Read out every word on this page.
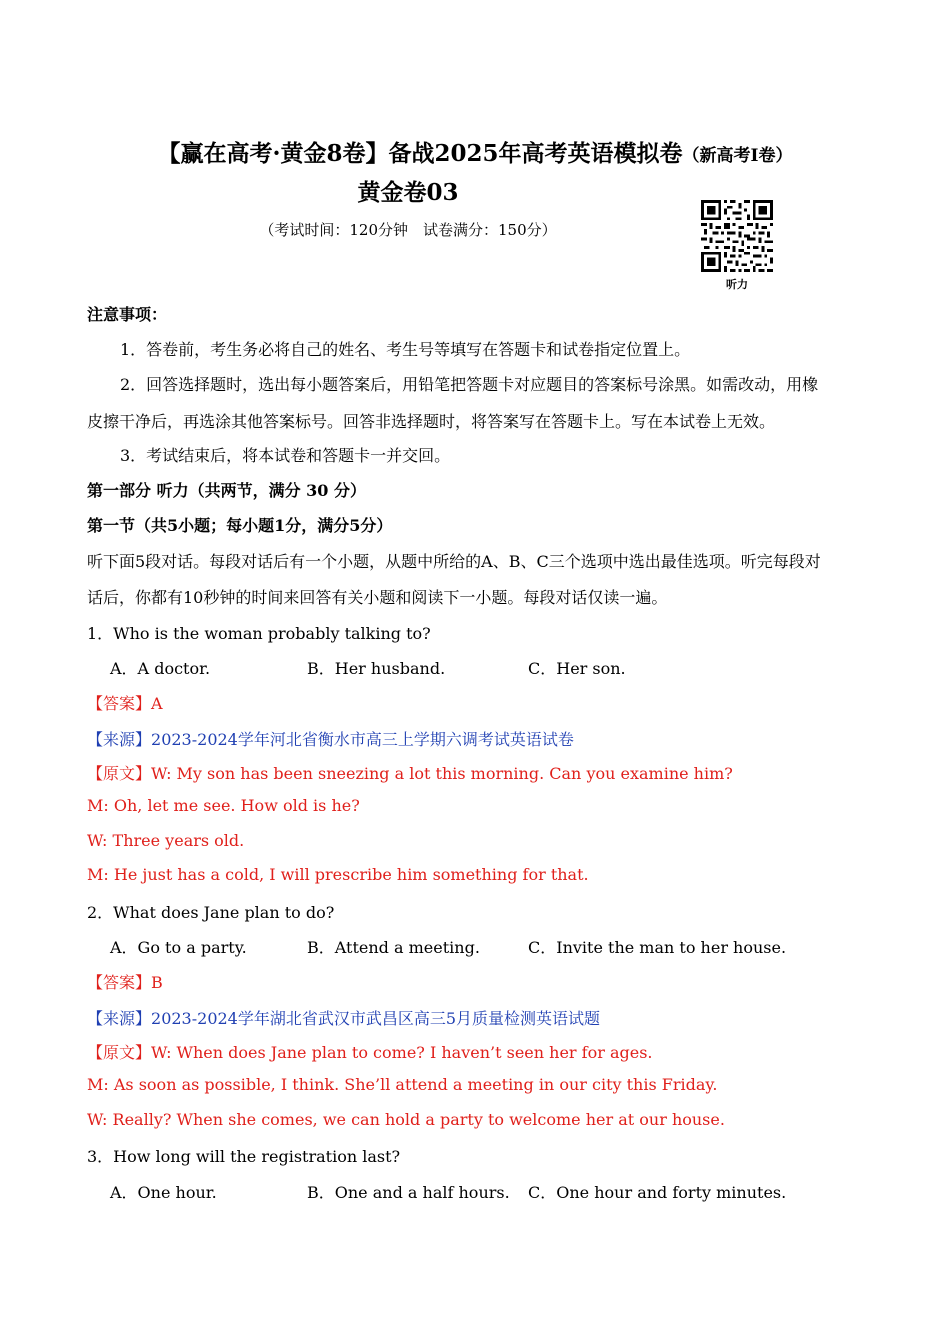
【赢在高考·黄金8卷】备战2025年高考英语模拟卷（新高考I卷）
黄金卷03
（考试时间：120分钟　试卷满分：150分）
听力
注意事项：
1．答卷前，考生务必将自己的姓名、考生号等填写在答题卡和试卷指定位置上。
2．回答选择题时，选出每小题答案后，用铅笔把答题卡对应题目的答案标号涂黑。如需改动，用橡
皮擦干净后，再选涂其他答案标号。回答非选择题时，将答案写在答题卡上。写在本试卷上无效。
3．考试结束后，将本试卷和答题卡一并交回。
第一部分 听力（共两节，满分 30 分）
第一节（共5小题；每小题1分，满分5分）
听下面5段对话。每段对话后有一个小题，从题中所给的A、B、C三个选项中选出最佳选项。听完每段对
话后，你都有10秒钟的时间来回答有关小题和阅读下一小题。每段对话仅读一遍。
1．Who is the woman probably talking to?
A．A doctor.	B．Her husband.	C．Her son.
【答案】A
【来源】2023-2024学年河北省衡水市高三上学期六调考试英语试卷
【原文】W: My son has been sneezing a lot this morning. Can you examine him?
M: Oh, let me see. How old is he?
W: Three years old.
M: He just has a cold, I will prescribe him something for that.
2．What does Jane plan to do?
A．Go to a party.	B．Attend a meeting.	C．Invite the man to her house.
【答案】B
【来源】2023-2024学年湖北省武汉市武昌区高三5月质量检测英语试题
【原文】W: When does Jane plan to come? I haven’t seen her for ages.
M: As soon as possible, I think. She’ll attend a meeting in our city this Friday.
W: Really? When she comes, we can hold a party to welcome her at our house.
3．How long will the registration last?
A．One hour.	B．One and a half hours. C．One hour and forty minutes.
